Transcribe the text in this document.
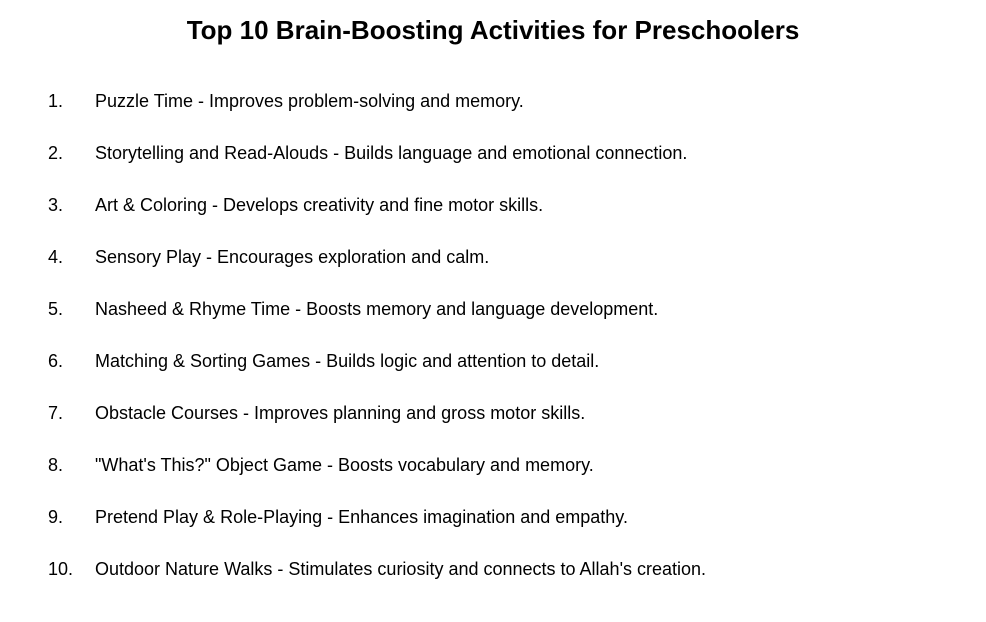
Top 10 Brain-Boosting Activities for Preschoolers
1.	Puzzle Time - Improves problem-solving and memory.
2.	Storytelling and Read-Alouds - Builds language and emotional connection.
3.	Art & Coloring - Develops creativity and fine motor skills.
4.	Sensory Play - Encourages exploration and calm.
5.	Nasheed & Rhyme Time - Boosts memory and language development.
6.	Matching & Sorting Games - Builds logic and attention to detail.
7.	Obstacle Courses - Improves planning and gross motor skills.
8.	"What's This?" Object Game - Boosts vocabulary and memory.
9.	Pretend Play & Role-Playing - Enhances imagination and empathy.
10.	Outdoor Nature Walks - Stimulates curiosity and connects to Allah's creation.
